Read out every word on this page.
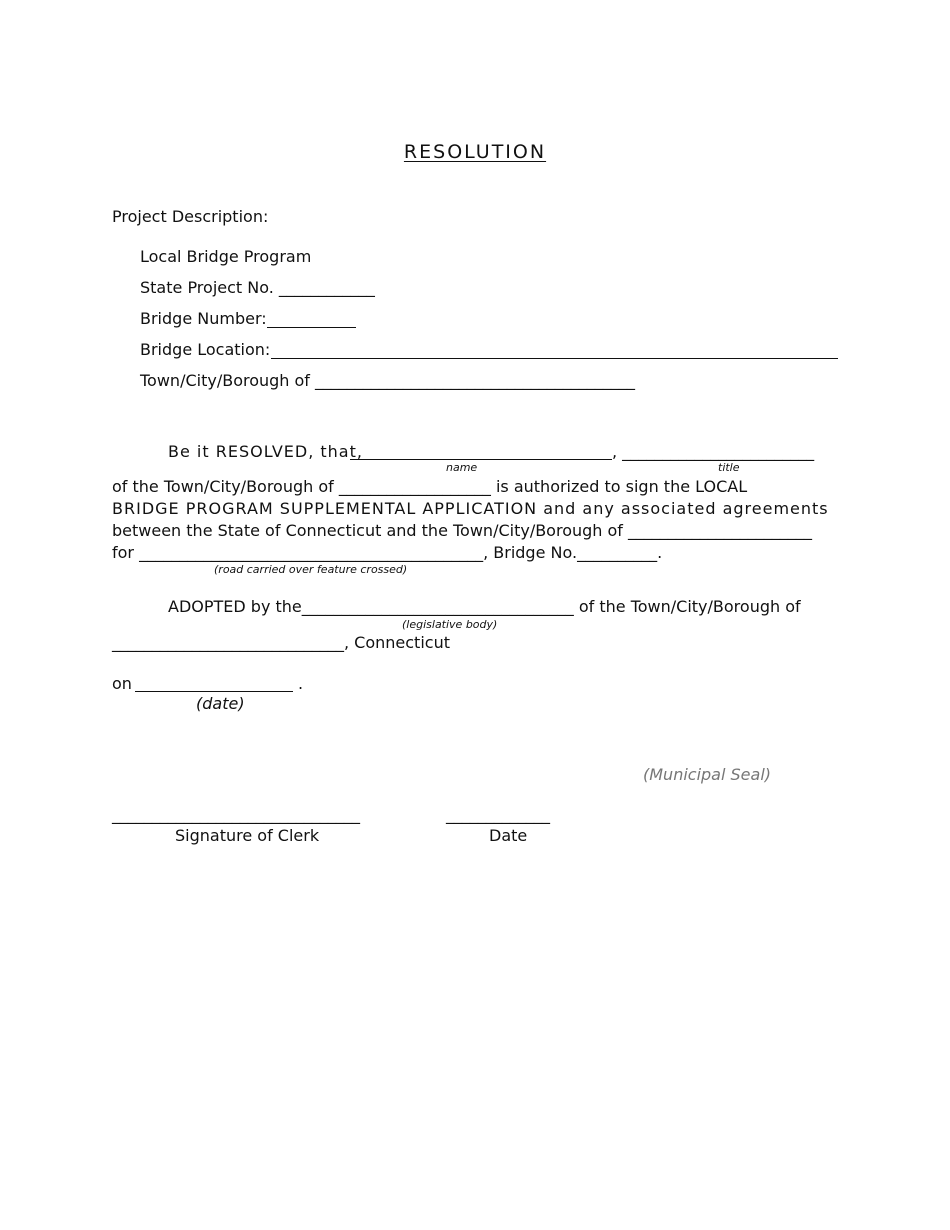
RESOLUTION
Project Description:
Local Bridge Program
State Project No. ____________
Bridge Number:
Bridge Location:
Town/City/Borough of ________________________________________
Be it RESOLVED, that,	, ________________________
name	title
of the Town/City/Borough of ___________________ is authorized to sign the LOCAL
BRIDGE PROGRAM SUPPLEMENTAL APPLICATION and any associated agreements
between the State of Connecticut and the Town/City/Borough of _______________________
for ___________________________________________, Bridge No.__________.
(road carried over feature crossed)
ADOPTED by the__________________________________ of the Town/City/Borough of
(legislative body)
_____________________________, Connecticut
on	.
(date)
(Municipal Seal)
_______________________________	_____________
Signature of Clerk	Date
